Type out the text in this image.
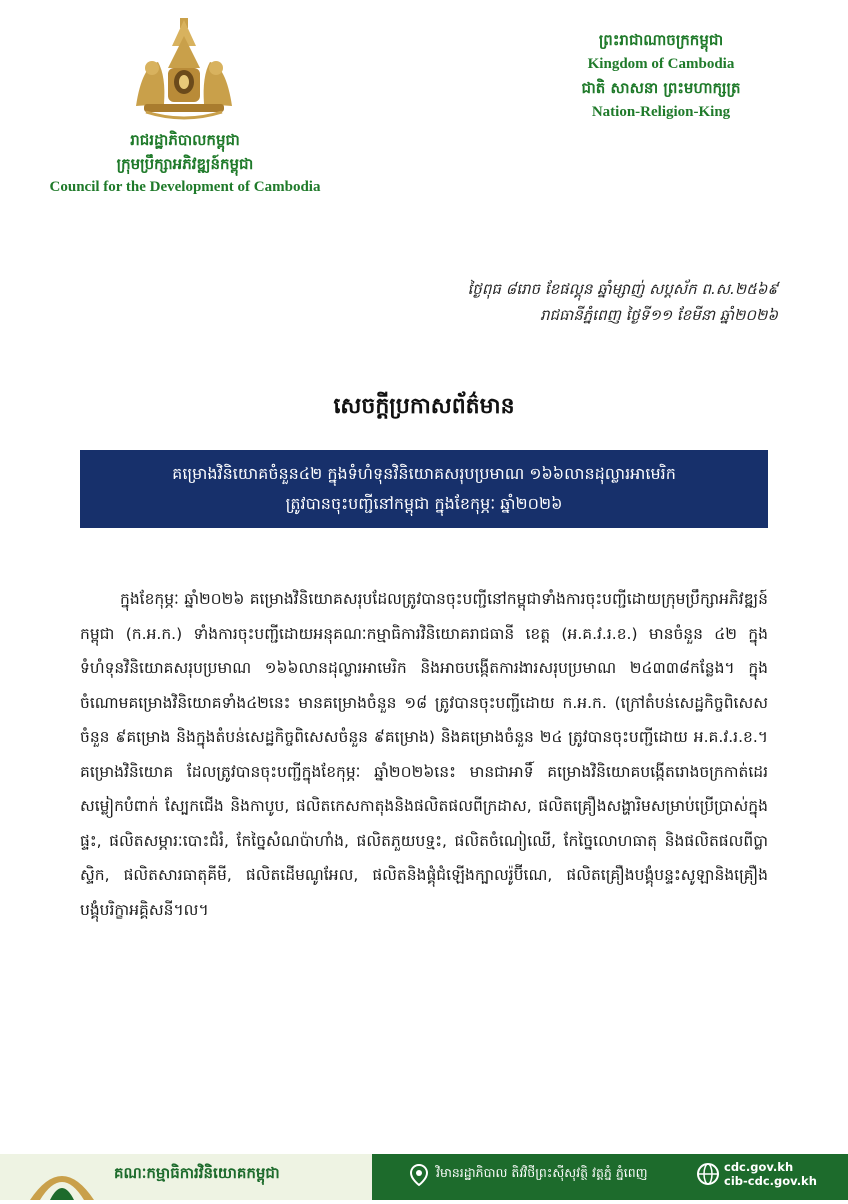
រាជរដ្ឋាភិបាលកម្ពុជា
ក្រុមប្រឹក្សាអភិវឌ្ឍន៍កម្ពុជា
Council for the Development of Cambodia
ព្រះរាជាណាចក្រកម្ពុជា
Kingdom of Cambodia
ជាតិ សាសនា ព្រះមហាក្សត្រ
Nation-Religion-King
ថ្ងៃពុធ ៨រោច ខែផល្គុន ឆ្នាំម្សាញ់ សប្តស័ក ព.ស.២៥៦៩
រាជធានីភ្នំពេញ ថ្ងៃទី១១ ខែមីនា ឆ្នាំ២០២៦
សេចក្តីប្រកាសព័ត៌មាន
គម្រោងវិនិយោគចំនួន៤២ ក្នុងទំហំទុនវិនិយោគសរុបប្រមាណ ១៦៦លានដុល្លារអាមេរិក
ត្រូវបានចុះបញ្ជីនៅកម្ពុជា ក្នុងខែកុម្ភៈ ឆ្នាំ២០២៦

ក្នុងខែកុម្ភៈ ឆ្នាំ២០២៦ គម្រោងវិនិយោគសរុបដែលត្រូវបានចុះបញ្ជីនៅកម្ពុជាទាំងការចុះបញ្ជីដោយក្រុមប្រឹក្សាអភិវឌ្ឍន៍កម្ពុជា (ក.អ.ក.) ទាំងការចុះបញ្ជីដោយអនុគណៈកម្មាធិការវិនិយោគរាជធានី ខេត្ត (អ.គ.វ.រ.ខ.) មានចំនួន ៤២ ក្នុងទំហំទុនវិនិយោគសរុបប្រមាណ ១៦៦លានដុល្លារអាមេរិក និងអាចបង្កើតការងារសរុបប្រមាណ ២៤៣៣៨កន្លែង។ ក្នុងចំណោមគម្រោងវិនិយោគទាំង៤២នេះ មានគម្រោងចំនួន ១៨ ត្រូវបានចុះបញ្ជីដោយ ក.អ.ក. (ក្រៅតំបន់សេដ្ឋកិច្ចពិសេសចំនួន ៩គម្រោង និងក្នុងតំបន់សេដ្ឋកិច្ចពិសេសចំនួន ៩គម្រោង) និងគម្រោងចំនួន ២៤ ត្រូវបានចុះបញ្ជីដោយ អ.គ.វ.រ.ខ.។ គម្រោងវិនិយោគ ដែលត្រូវបានចុះបញ្ជីក្នុងខែកុម្ភៈ ឆ្នាំ២០២៦នេះ មានជាអាទិ៍ គម្រោងវិនិយោគបង្កើតរោងចក្រកាត់ដេរសម្លៀកបំពាក់ ស្បែកជើង និងកាបូប, ផលិតកេសកាតុងនិងផលិតផលពីក្រដាស, ផលិតគ្រឿងសង្ហារិមសម្រាប់ប្រើប្រាស់ក្នុងផ្ទះ, ផលិតសម្ភារៈបោះជំរំ, កែច្នៃសំណប៉ាហាំង, ផលិតភួយបទ្មះ, ផលិតចំណៀឈើ, កែច្នៃលោហធាតុ និងផលិតផលពីប្លាស្ទិក, ផលិតសារធាតុគីមី, ផលិតដើមណូអែល, ផលិតនិងផ្គុំជំឡើងក្បាលរ៉ូប៊ីណេ, ផលិតគ្រឿងបង្គុំបន្ទះសូឡានិងគ្រឿងបង្គុំបរិក្ខាអគ្គិសនី។ល។

គណៈកម្មាធិការវិនិយោគកម្ពុជា	វិមានរដ្ឋាភិបាល តិវវិថីព្រះស៊ីសុវត្ថិ វត្តភ្នំ ភ្នំពេញ	cdc.gov.kh
cib-cdc.gov.kh
